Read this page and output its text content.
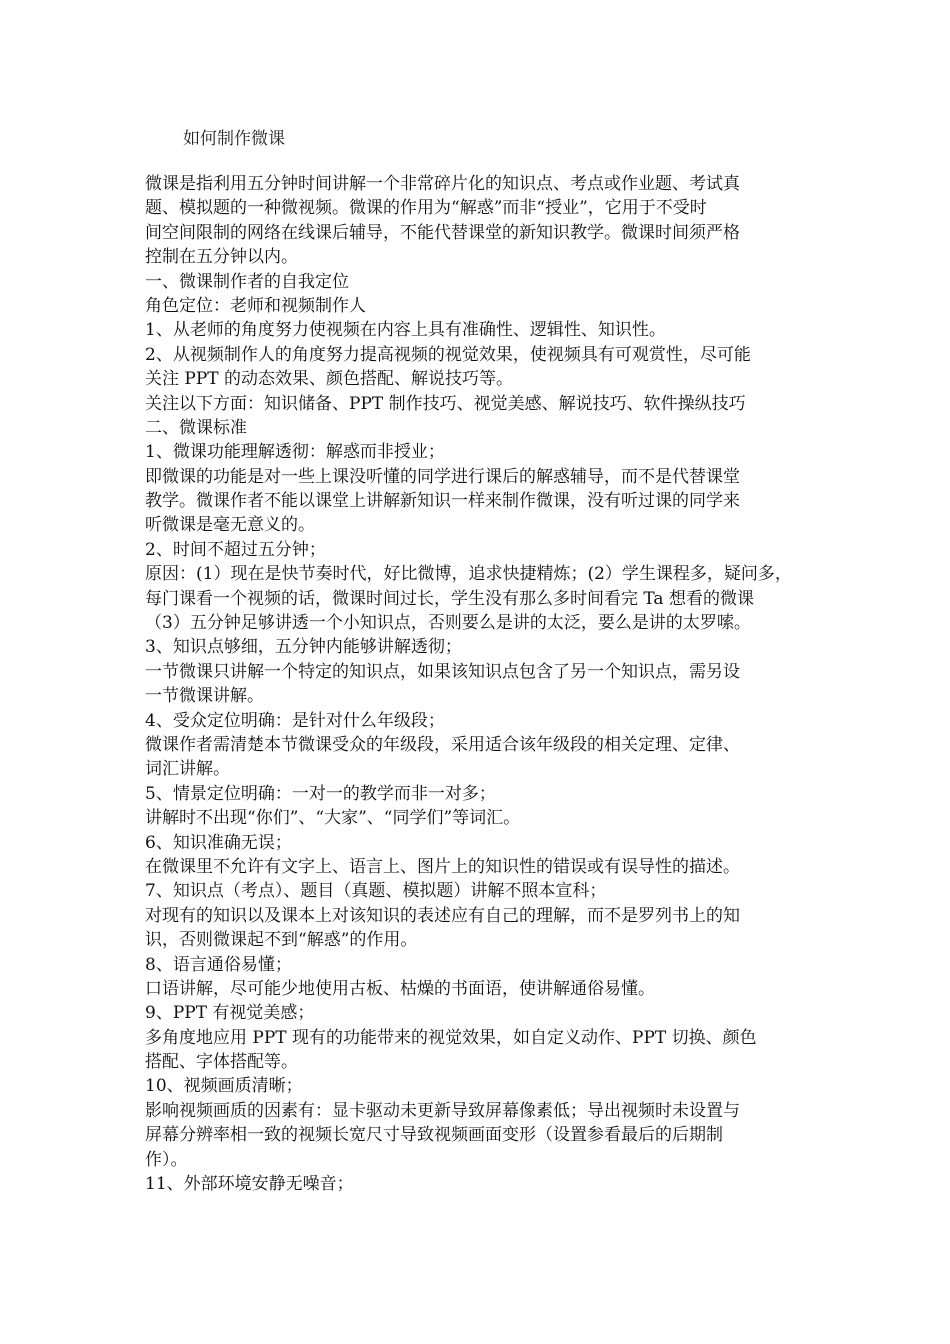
如何制作微课

微课是指利用五分钟时间讲解一个非常碎片化的知识点、考点或作业题、考试真
题、模拟题的一种微视频。微课的作用为“解惑”而非“授业”，它用于不受时
间空间限制的网络在线课后辅导，不能代替课堂的新知识教学。微课时间须严格
控制在五分钟以内。
一、微课制作者的自我定位
角色定位：老师和视频制作人
1、从老师的角度努力使视频在内容上具有准确性、逻辑性、知识性。
2、从视频制作人的角度努力提高视频的视觉效果，使视频具有可观赏性，尽可能
关注 PPT 的动态效果、颜色搭配、解说技巧等。
关注以下方面：知识储备、PPT 制作技巧、视觉美感、解说技巧、软件操纵技巧
二、微课标准
1、微课功能理解透彻：解惑而非授业；
即微课的功能是对一些上课没听懂的同学进行课后的解惑辅导，而不是代替课堂
教学。微课作者不能以课堂上讲解新知识一样来制作微课，没有听过课的同学来
听微课是毫无意义的。
2、时间不超过五分钟；
原因：(1）现在是快节奏时代，好比微博，追求快捷精炼；(2）学生课程多，疑问多，
每门课看一个视频的话，微课时间过长，学生没有那么多时间看完 Ta 想看的微课
（3）五分钟足够讲透一个小知识点，否则要么是讲的太泛，要么是讲的太罗嗦。
3、知识点够细，五分钟内能够讲解透彻；
一节微课只讲解一个特定的知识点，如果该知识点包含了另一个知识点，需另设
一节微课讲解。
4、受众定位明确：是针对什么年级段；
微课作者需清楚本节微课受众的年级段，采用适合该年级段的相关定理、定律、
词汇讲解。
5、情景定位明确：一对一的教学而非一对多；
讲解时不出现“你们”、“大家”、“同学们”等词汇。
6、知识准确无误；
在微课里不允许有文字上、语言上、图片上的知识性的错误或有误导性的描述。
7、知识点（考点）、题目（真题、模拟题）讲解不照本宣科；
对现有的知识以及课本上对该知识的表述应有自己的理解，而不是罗列书上的知
识，否则微课起不到“解惑”的作用。
8、语言通俗易懂；
口语讲解，尽可能少地使用古板、枯燥的书面语，使讲解通俗易懂。
9、PPT 有视觉美感；
多角度地应用 PPT 现有的功能带来的视觉效果，如自定义动作、PPT 切换、颜色
搭配、字体搭配等。
10、视频画质清晰；
影响视频画质的因素有：显卡驱动未更新导致屏幕像素低；导出视频时未设置与
屏幕分辨率相一致的视频长宽尺寸导致视频画面变形（设置参看最后的后期制
作）。
11、外部环境安静无噪音；
